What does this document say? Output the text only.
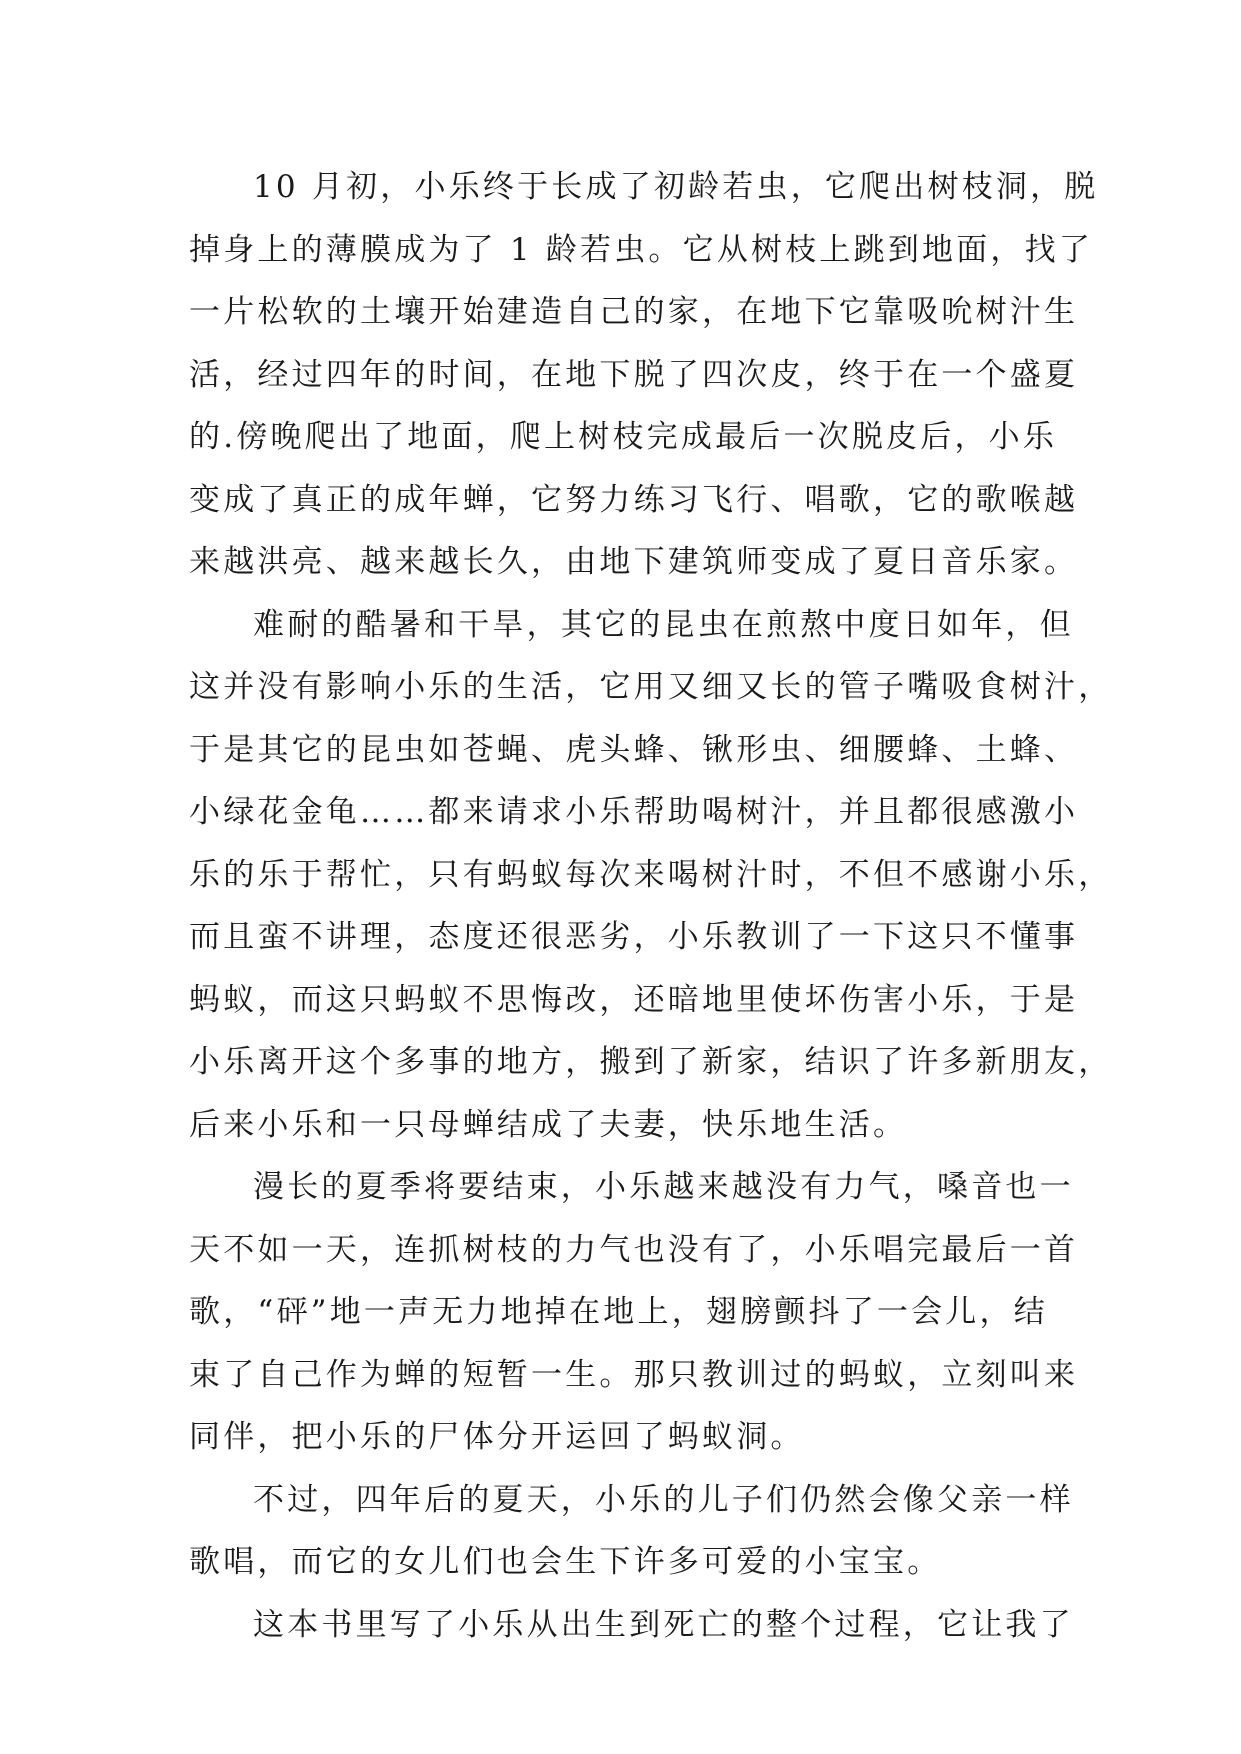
10 月初，小乐终于长成了初龄若虫，它爬出树枝洞，脱
掉身上的薄膜成为了 1 龄若虫。它从树枝上跳到地面，找了
一片松软的土壤开始建造自己的家，在地下它靠吸吮树汁生
活，经过四年的时间，在地下脱了四次皮，终于在一个盛夏
的.傍晚爬出了地面，爬上树枝完成最后一次脱皮后，小乐
变成了真正的成年蝉，它努力练习飞行、唱歌，它的歌喉越
来越洪亮、越来越长久，由地下建筑师变成了夏日音乐家。
难耐的酷暑和干旱，其它的昆虫在煎熬中度日如年，但
这并没有影响小乐的生活，它用又细又长的管子嘴吸食树汁，
于是其它的昆虫如苍蝇、虎头蜂、锹形虫、细腰蜂、土蜂、
小绿花金龟……都来请求小乐帮助喝树汁，并且都很感激小
乐的乐于帮忙，只有蚂蚁每次来喝树汁时，不但不感谢小乐，
而且蛮不讲理，态度还很恶劣，小乐教训了一下这只不懂事
蚂蚁，而这只蚂蚁不思悔改，还暗地里使坏伤害小乐，于是
小乐离开这个多事的地方，搬到了新家，结识了许多新朋友，
后来小乐和一只母蝉结成了夫妻，快乐地生活。
漫长的夏季将要结束，小乐越来越没有力气，嗓音也一
天不如一天，连抓树枝的力气也没有了，小乐唱完最后一首
歌，“砰”地一声无力地掉在地上，翅膀颤抖了一会儿，结
束了自己作为蝉的短暂一生。那只教训过的蚂蚁，立刻叫来
同伴，把小乐的尸体分开运回了蚂蚁洞。
不过，四年后的夏天，小乐的儿子们仍然会像父亲一样
歌唱，而它的女儿们也会生下许多可爱的小宝宝。
这本书里写了小乐从出生到死亡的整个过程，它让我了
